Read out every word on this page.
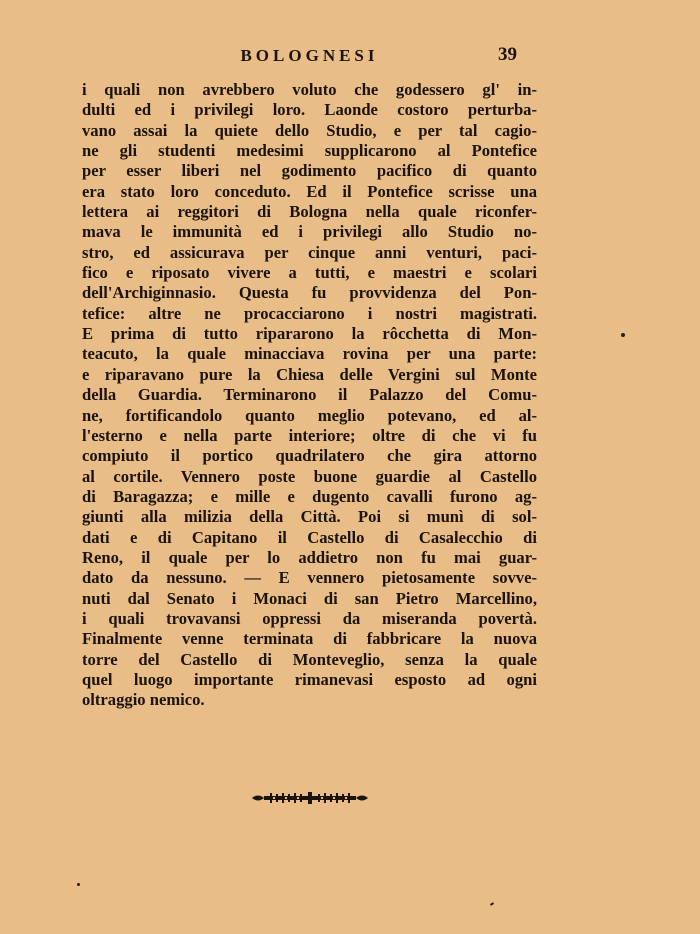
BOLOGNESI	39
i quali non avrebbero voluto che godessero gl' in-
dulti ed i privilegi loro. Laonde costoro perturba-
vano assai la quiete dello Studio, e per tal cagio-
ne gli studenti medesimi supplicarono al Pontefice
per esser liberi nel godimento pacifico di quanto
era stato loro conceduto. Ed il Pontefice scrisse una
lettera ai reggitori di Bologna nella quale riconfer-
mava le immunità ed i privilegi allo Studio no-
stro, ed assicurava per cinque anni venturi, paci-
fico e riposato vivere a tutti, e maestri e scolari
dell'Archiginnasio. Questa fu provvidenza del Pon-
tefice: altre ne procacciarono i nostri magistrati.
E prima di tutto ripararono la rôcchetta di Mon-
teacuto, la quale minacciava rovina per una parte:
e riparavano pure la Chiesa delle Vergini sul Monte
della Guardia. Terminarono il Palazzo del Comu-
ne, fortificandolo quanto meglio potevano, ed al-
l'esterno e nella parte interiore; oltre di che vi fu
compiuto il portico quadrilatero che gira attorno
al cortile. Vennero poste buone guardie al Castello
di Baragazza; e mille e dugento cavalli furono ag-
giunti alla milizia della Città. Poi si munì di sol-
dati e di Capitano il Castello di Casalecchio di
Reno, il quale per lo addietro non fu mai guar-
dato da nessuno. — E vennero pietosamente sovve-
nuti dal Senato i Monaci di san Pietro Marcellino,
i quali trovavansi oppressi da miseranda povertà.
Finalmente venne terminata di fabbricare la nuova
torre del Castello di Monteveglio, senza la quale
quel luogo importante rimanevasi esposto ad ogni
oltraggio nemico.
